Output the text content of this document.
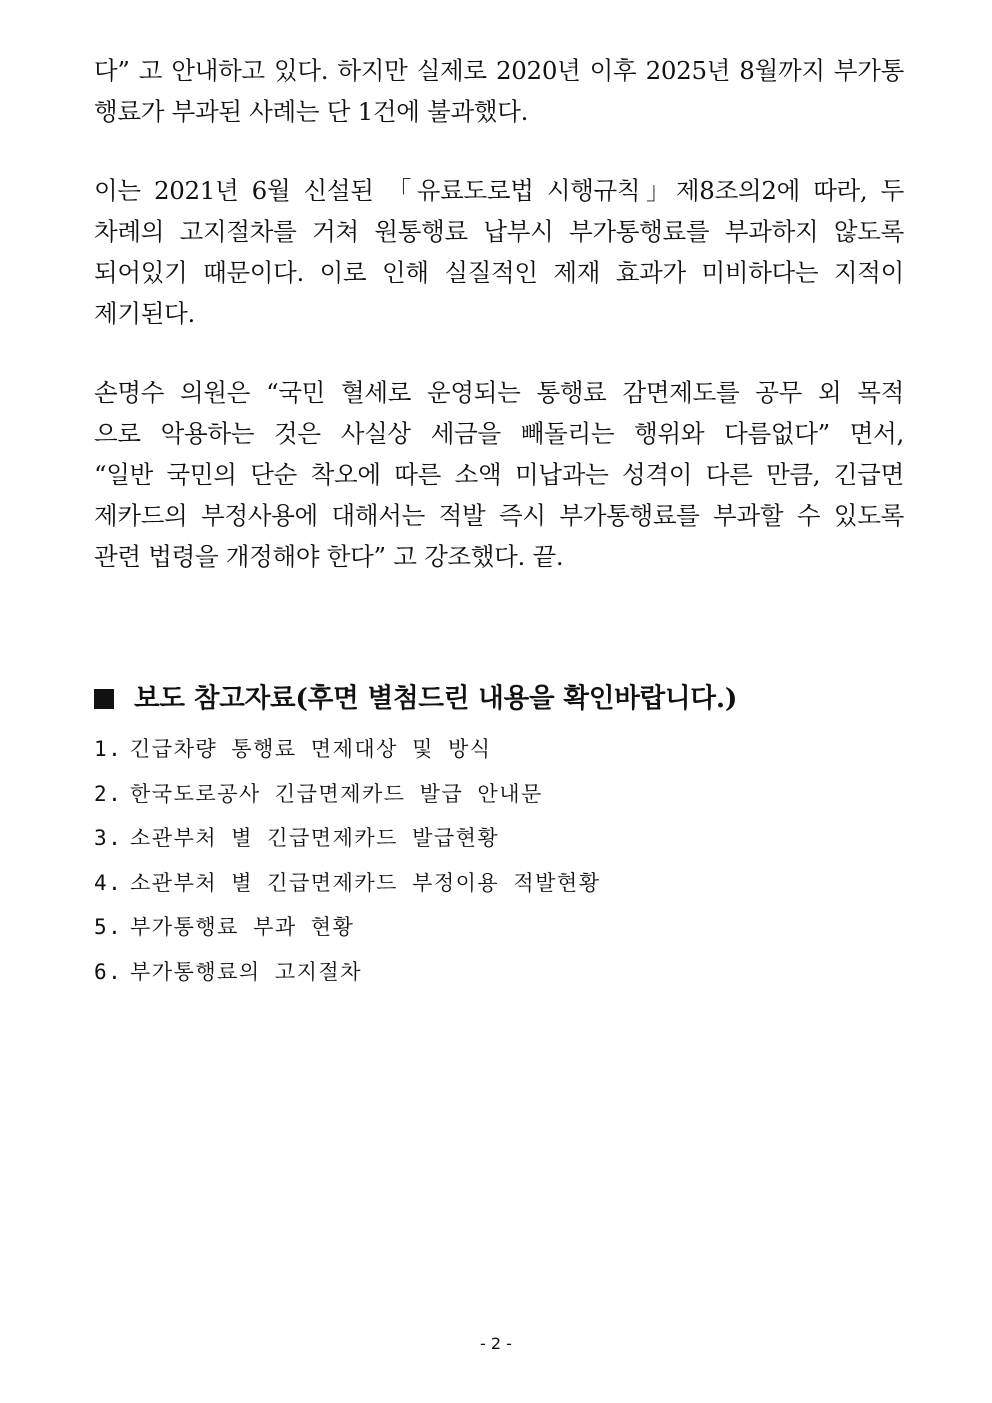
다” 고 안내하고 있다. 하지만 실제로 2020년 이후 2025년 8월까지 부가통
행료가 부과된 사례는 단 1건에 불과했다.

이는 2021년 6월 신설된 「유료도로법 시행규칙」제8조의2에 따라, 두
차례의 고지절차를 거쳐 원통행료 납부시 부가통행료를 부과하지 않도록
되어있기 때문이다. 이로 인해 실질적인 제재 효과가 미비하다는 지적이
제기된다.

손명수 의원은 “국민 혈세로 운영되는 통행료 감면제도를 공무 외 목적
으로 악용하는 것은 사실상 세금을 빼돌리는 행위와 다름없다” 면서,
“일반 국민의 단순 착오에 따른 소액 미납과는 성격이 다른 만큼, 긴급면
제카드의 부정사용에 대해서는 적발 즉시 부가통행료를 부과할 수 있도록
관련 법령을 개정해야 한다” 고 강조했다. 끝.

보도 참고자료(후면 별첨드린 내용을 확인바랍니다.)
1. 긴급차량 통행료 면제대상 및 방식
2. 한국도로공사 긴급면제카드 발급 안내문
3. 소관부처 별 긴급면제카드 발급현황
4. 소관부처 별 긴급면제카드 부정이용 적발현황
5. 부가통행료 부과 현황
6. 부가통행료의 고지절차
- 2 -
